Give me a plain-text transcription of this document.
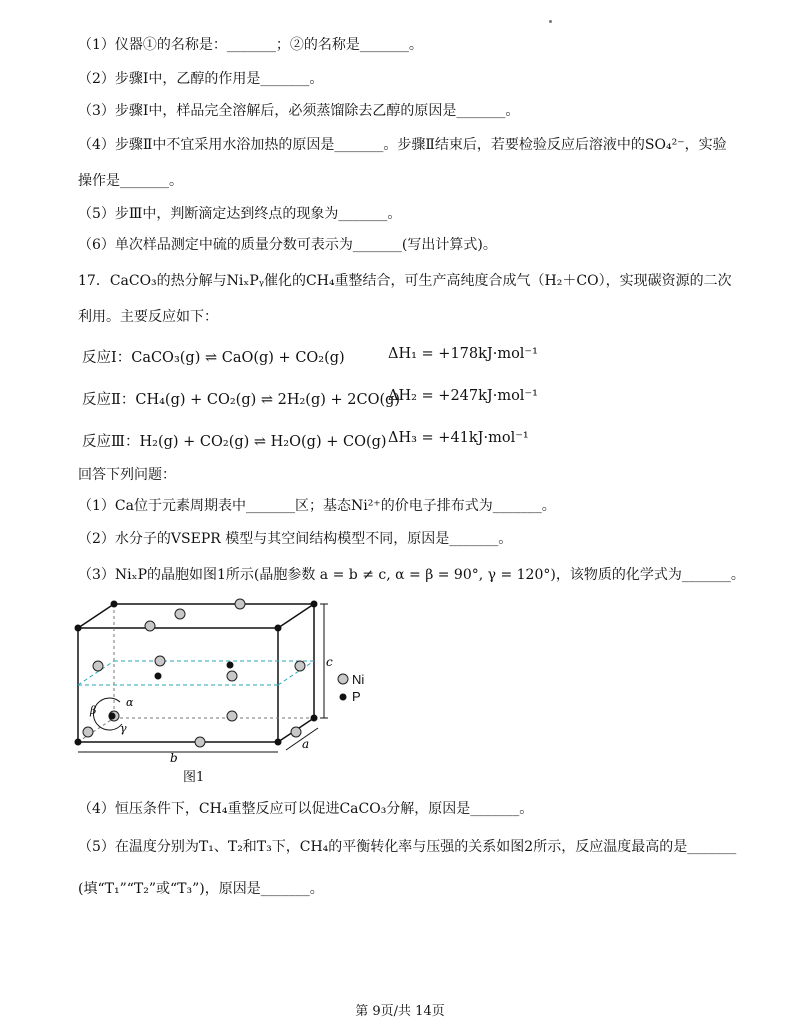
（1）仪器①的名称是：_______；②的名称是_______。
（2）步骤Ⅰ中，乙醇的作用是_______。
（3）步骤Ⅰ中，样品完全溶解后，必须蒸馏除去乙醇的原因是_______。
（4）步骤Ⅱ中不宜采用水浴加热的原因是_______。步骤Ⅱ结束后，若要检验反应后溶液中的SO₄²⁻，实验
操作是_______。
（5）步Ⅲ中，判断滴定达到终点的现象为_______。
（6）单次样品测定中硫的质量分数可表示为_______(写出计算式)。
17．CaCO₃的热分解与NiₓPᵧ催化的CH₄重整结合，可生产高纯度合成气（H₂＋CO），实现碳资源的二次
利用。主要反应如下：
反应Ⅰ：CaCO₃(g) ⇌ CaO(g) + CO₂(g)	ΔH₁ = +178kJ·mol⁻¹
反应Ⅱ：CH₄(g) + CO₂(g) ⇌ 2H₂(g) + 2CO(g)
ΔH₂ = +247kJ·mol⁻¹
反应Ⅲ：H₂(g) + CO₂(g) ⇌ H₂O(g) + CO(g) ΔH₃ = +41kJ·mol⁻¹
回答下列问题：
（1）Ca位于元素周期表中_______区；基态Ni²⁺的价电子排布式为_______。
（2）水分子的VSEPR 模型与其空间结构模型不同，原因是_______。
（3）NiₓP的晶胞如图1所示(晶胞参数 a = b ≠ c, α = β = 90°, γ = 120°)，该物质的化学式为_______。
c
b
a
α
β
γ
Ni
P
图1
（4）恒压条件下，CH₄重整反应可以促进CaCO₃分解，原因是_______。
（5）在温度分别为T₁、T₂和T₃下，CH₄的平衡转化率与压强的关系如图2所示，反应温度最高的是_______
(填“T₁”“T₂”或“T₃”)，原因是_______。
第 9页/共 14页
